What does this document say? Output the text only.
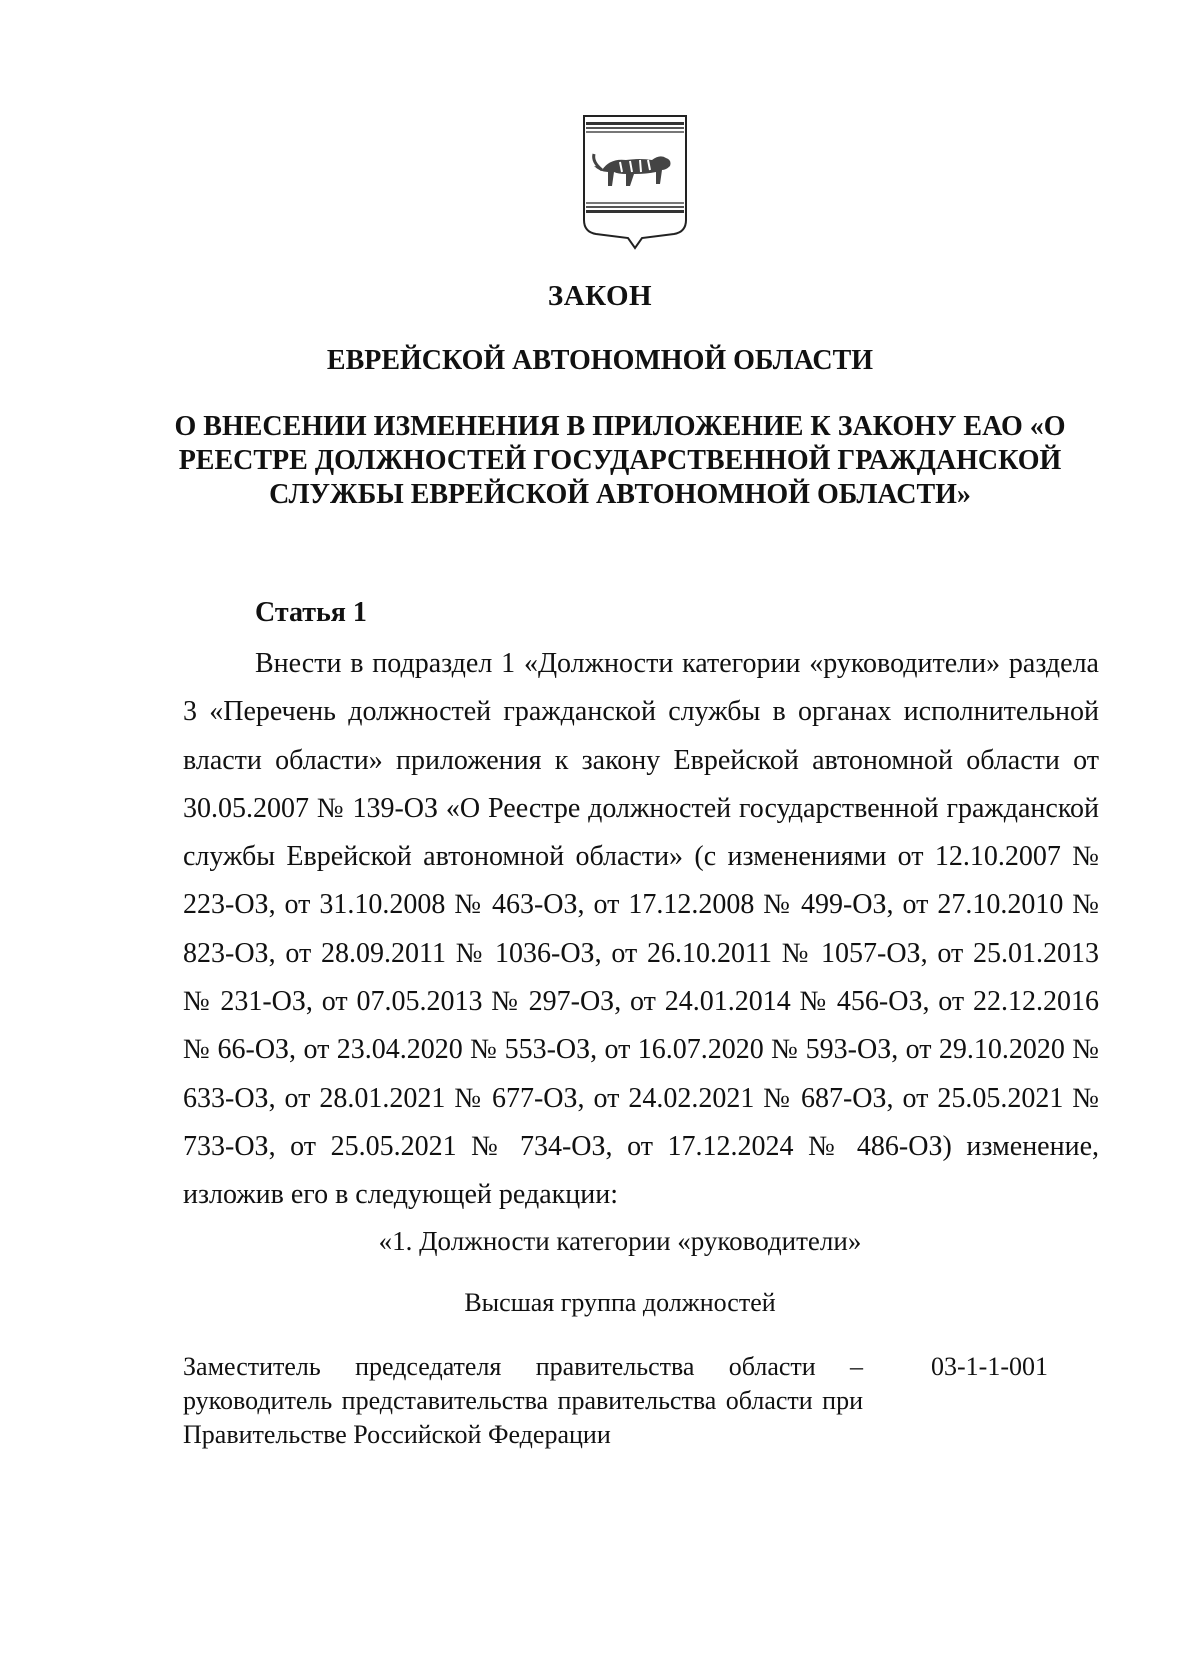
ЗАКОН
ЕВРЕЙСКОЙ АВТОНОМНОЙ ОБЛАСТИ
О ВНЕСЕНИИ ИЗМЕНЕНИЯ В ПРИЛОЖЕНИЕ К ЗАКОНУ ЕАО «О РЕЕСТРЕ ДОЛЖНОСТЕЙ ГОСУДАРСТВЕННОЙ ГРАЖДАНСКОЙ СЛУЖБЫ ЕВРЕЙСКОЙ АВТОНОМНОЙ ОБЛАСТИ»
Статья 1
Внести в подраздел 1 «Должности категории «руководители» раздела 3 «Перечень должностей гражданской службы в органах исполнительной власти области» приложения к закону Еврейской автономной области от 30.05.2007 № 139-ОЗ «О Реестре должностей государственной гражданской службы Еврейской автономной области» (с изменениями от 12.10.2007 № 223-ОЗ, от 31.10.2008 № 463-ОЗ, от 17.12.2008 № 499-ОЗ, от 27.10.2010 № 823-ОЗ, от 28.09.2011 № 1036-ОЗ, от 26.10.2011 № 1057-ОЗ, от 25.01.2013 № 231-ОЗ, от 07.05.2013 № 297-ОЗ, от 24.01.2014 № 456-ОЗ, от 22.12.2016 № 66-ОЗ, от 23.04.2020 № 553-ОЗ, от 16.07.2020 № 593-ОЗ, от 29.10.2020 № 633-ОЗ, от 28.01.2021 № 677-ОЗ, от 24.02.2021 № 687-ОЗ, от 25.05.2021 № 733-ОЗ, от 25.05.2021 № 734-ОЗ, от 17.12.2024 № 486-ОЗ) изменение, изложив его в следующей редакции:
«1. Должности категории «руководители»
Высшая группа должностей
Заместитель председателя правительства области – руководитель представительства правительства области при Правительстве Российской Федерации
03-1-1-001
